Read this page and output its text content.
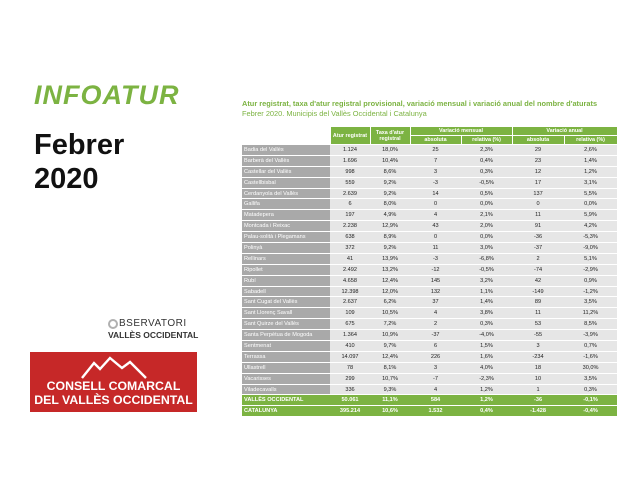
INFOATUR
Febrer
2020
BSERVATORI
VALLÈS OCCIDENTAL
CONSELL COMARCAL
DEL VALLÈS OCCIDENTAL
Atur registrat, taxa d'atur registral provisional, variació mensual i variació anual del nombre d'aturats
Febrer 2020. Municipis del Vallès Occidental i Catalunya
	Atur registrat	Taxa d'atur registral	Variació mensual		Variació anual	
			absoluta	relativa (%)	absoluta	relativa (%)
Badia del Vallès	1.124	18,0%	25	2,3%	29	2,6%
Barberà del Vallès	1.696	10,4%	7	0,4%	23	1,4%
Castellar del Vallès	998	8,6%	3	0,3%	12	1,2%
Castellbisbal	559	9,2%	-3	-0,5%	17	3,1%
Cerdanyola del Vallès	2.639	9,2%	14	0,5%	137	5,5%
Gallifa	6	8,0%	0	0,0%	0	0,0%
Matadepera	197	4,9%	4	2,1%	11	5,9%
Montcada i Reixac	2.238	12,9%	43	2,0%	91	4,2%
Palau-solità i Plegamans	638	8,9%	0	0,0%	-36	-5,3%
Polinyà	372	9,2%	11	3,0%	-37	-9,0%
Rellinars	41	13,9%	-3	-6,8%	2	5,1%
Ripollet	2.492	13,2%	-12	-0,5%	-74	-2,9%
Rubí	4.658	12,4%	145	3,2%	42	0,9%
Sabadell	12.398	12,0%	132	1,1%	-149	-1,2%
Sant Cugat del Vallès	2.637	6,2%	37	1,4%	89	3,5%
Sant Llorenç Savall	109	10,5%	4	3,8%	11	11,2%
Sant Quirze del Vallès	675	7,2%	2	0,3%	53	8,5%
Santa Perpètua de Mogoda	1.364	10,9%	-37	-4,0%	-55	-3,9%
Sentmenat	410	9,7%	6	1,5%	3	0,7%
Terrassa	14.097	12,4%	226	1,6%	-234	-1,6%
Ullastrell	78	8,1%	3	4,0%	18	30,0%
Vacarisses	299	10,7%	-7	-2,3%	10	3,5%
Viladecavalls	336	9,3%	4	1,2%	1	0,3%
VALLÈS OCCIDENTAL	50.061	11,1%	584	1,2%	-36	-0,1%
CATALUNYA	395.214	10,6%	1.532	0,4%	-1.428	-0,4%
